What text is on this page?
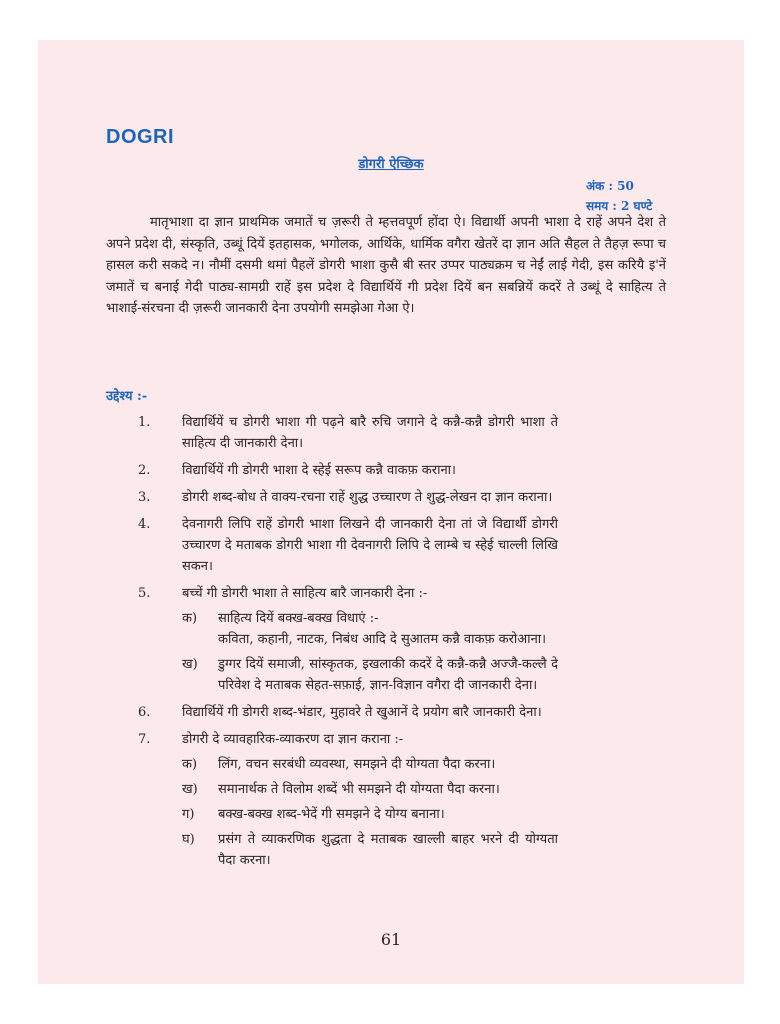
DOGRI
डोगरी ऐच्छिक
अंक : 50
समय : 2 घण्टे

मातृभाशा दा ज्ञान प्राथमिक जमातें च ज़रूरी ते म्हत्तवपूर्ण होंदा ऐ। विद्यार्थी अपनी भाशा दे राहें अपने देश ते अपने प्रदेश दी, संस्कृति, उब्धूं दियें इतहासक, भगोलक, आर्थिके, धार्मिक वगैरा खेतरें दा ज्ञान अति सैहल ते तैहज़ रूपा च हासल करी सकदे न। नौमीं दसमी थमां पैहलें डोगरी भाशा कुसै बी स्तर उप्पर पाठ्यक्रम च नेईं लाई गेदी, इस करियै इ'नें जमातें च बनाई गेदी पाठ्य-सामग्री राहें इस प्रदेश दे विद्यार्थियें गी प्रदेश दियें बन सबन्नियें कदरें ते उब्धूं दे साहित्य ते भाशाई-संरचना दी ज़रूरी जानकारी देना उपयोगी समझेआ गेआ ऐ।

उद्देश्य :-
1.	विद्यार्थियें च डोगरी भाशा गी पढ़ने बारै रुचि जगाने दे कन्नै-कन्नै डोगरी भाशा ते साहित्य दी जानकारी देना।
2.	विद्यार्थियें गी डोगरी भाशा दे स्हेई सरूप कन्नै वाकफ़ कराना।
3.	डोगरी शब्द-बोध ते वाक्य-रचना राहें शुद्ध उच्चारण ते शुद्ध-लेखन दा ज्ञान कराना।
4.	देवनागरी लिपि राहें डोगरी भाशा लिखने दी जानकारी देना तां जे विद्यार्थी डोगरी उच्चारण दे मताबक डोगरी भाशा गी देवनागरी लिपि दे लाम्बे च स्हेई चाल्ली लिखि सकन।
5.	बच्चें गी डोगरी भाशा ते साहित्य बारै जानकारी देना :-
क)	साहित्य दियें बक्ख-बक्ख विधाएं :-
कविता, कहानी, नाटक, निबंध आदि दे सुआतम कन्नै वाकफ़ करोआना।
ख)	डुग्गर दियें समाजी, सांस्कृतक, इखलाकी कदरें दे कन्नै-कन्नै अज्जै-कल्लै दे परिवेश दे मताबक सेहत-सफ़ाई, ज्ञान-विज्ञान वगैरा दी जानकारी देना।
6.	विद्यार्थियें गी डोगरी शब्द-भंडार, मुहावरे ते खुआनें दे प्रयोग बारै जानकारी देना।
7.	डोगरी दे व्यावहारिक-व्याकरण दा ज्ञान कराना :-
क)	लिंग, वचन सरबंधी व्यवस्था, समझने दी योग्यता पैदा करना।
ख)	समानार्थक ते विलोम शब्दें भी समझने दी योग्यता पैदा करना।
ग)	बक्ख-बक्ख शब्द-भेदें गी समझने दे योग्य बनाना।
घ)	प्रसंग ते व्याकरणिक शुद्धता दे मताबक खाल्ली बाहर भरने दी योग्यता पैदा करना।
61
